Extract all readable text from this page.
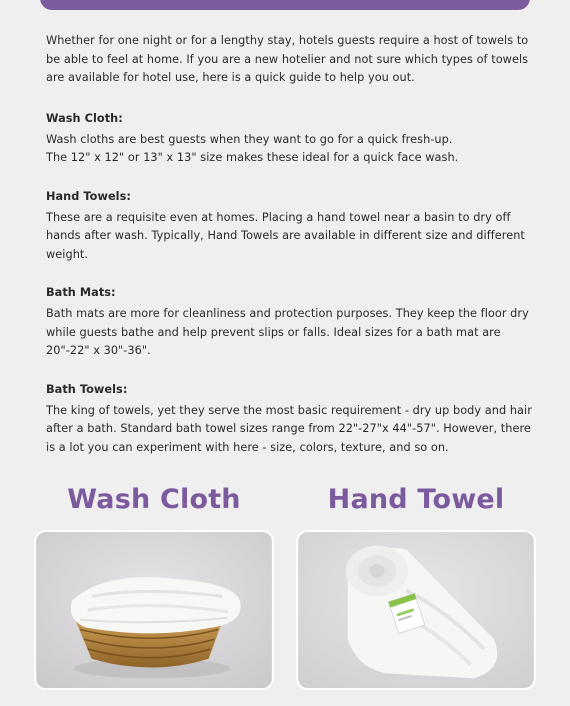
Whether for one night or for a lengthy stay, hotels guests require a host of towels to be able to feel at home. If you are a new hotelier and not sure which types of towels are available for hotel use, here is a quick guide to help you out.

Wash Cloth:

Wash cloths are best guests when they want to go for a quick fresh-up.

The 12" x 12" or 13" x 13" size makes these ideal for a quick face wash.

Hand Towels:

These are a requisite even at homes. Placing a hand towel near a basin to dry off hands after wash. Typically, Hand Towels are available in different size and different weight.

Bath Mats:

Bath mats are more for cleanliness and protection purposes. They keep the floor dry while guests bathe and help prevent slips or falls. Ideal sizes for a bath mat are 20"-22" x 30"-36".

Bath Towels:

The king of towels, yet they serve the most basic requirement - dry up body and hair after a bath. Standard bath towel sizes range from 22"-27"x 44"-57". However, there is a lot you can experiment with here - size, colors, texture, and so on.

Wash Cloth	Hand Towel
